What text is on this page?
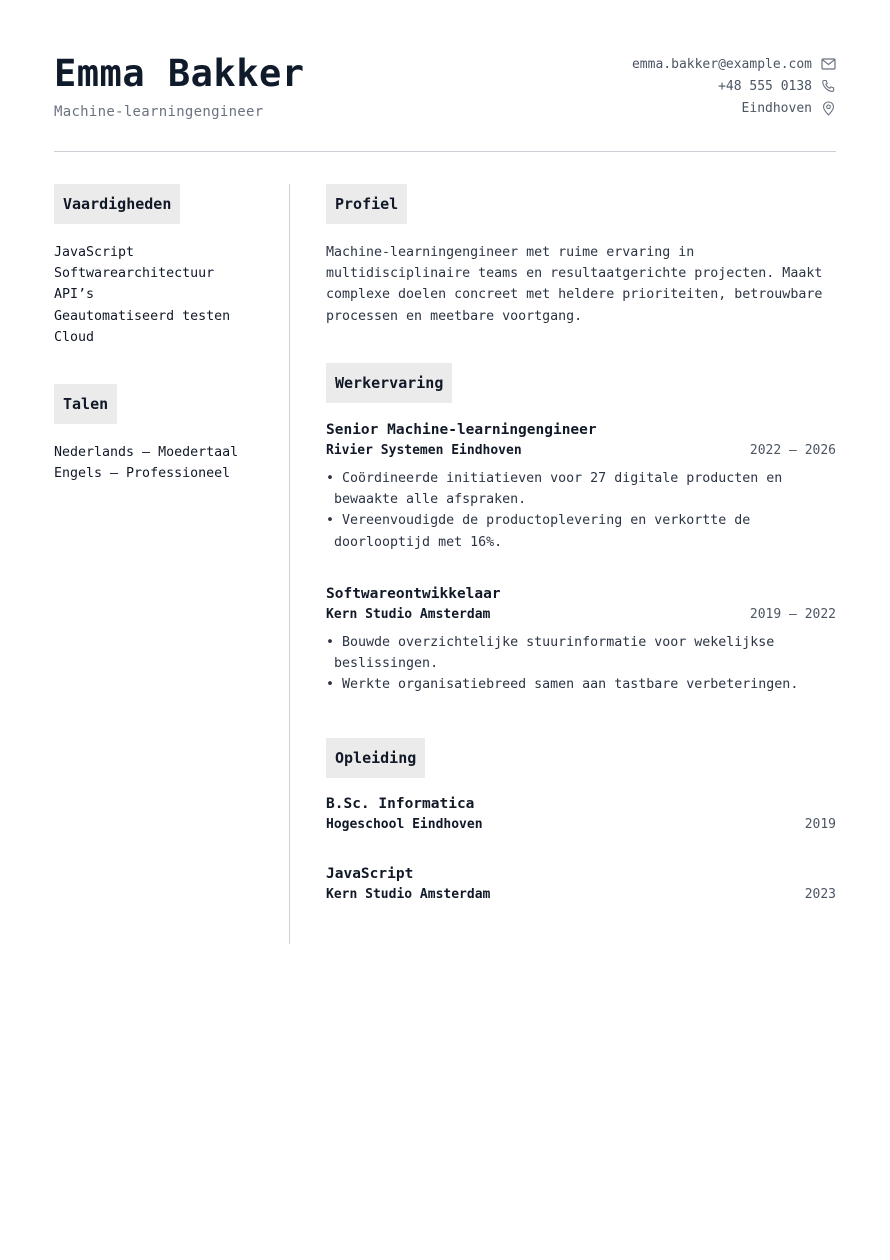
Emma Bakker
Machine-learningengineer
emma.bakker@example.com
+48 555 0138
Eindhoven
Vaardigheden
JavaScript
Softwarearchitectuur
API’s
Geautomatiseerd testen
Cloud
Talen
Nederlands — Moedertaal
Engels — Professioneel
Profiel

Machine-learningengineer met ruime ervaring in multidisciplinaire teams en resultaatgerichte projecten. Maakt complexe doelen concreet met heldere prioriteiten, betrouwbare processen en meetbare voortgang.

Werkervaring
Senior Machine-learningengineer
Rivier Systemen Eindhoven	2022 — 2026
• Coördineerde initiatieven voor 27 digitale producten en bewaakte alle afspraken.
• Vereenvoudigde de productoplevering en verkortte de doorlooptijd met 16%.
Softwareontwikkelaar
Kern Studio Amsterdam	2019 — 2022
• Bouwde overzichtelijke stuurinformatie voor wekelijkse beslissingen.
• Werkte organisatiebreed samen aan tastbare verbeteringen.
Opleiding
B.Sc. Informatica
Hogeschool Eindhoven	2019
JavaScript
Kern Studio Amsterdam	2023
